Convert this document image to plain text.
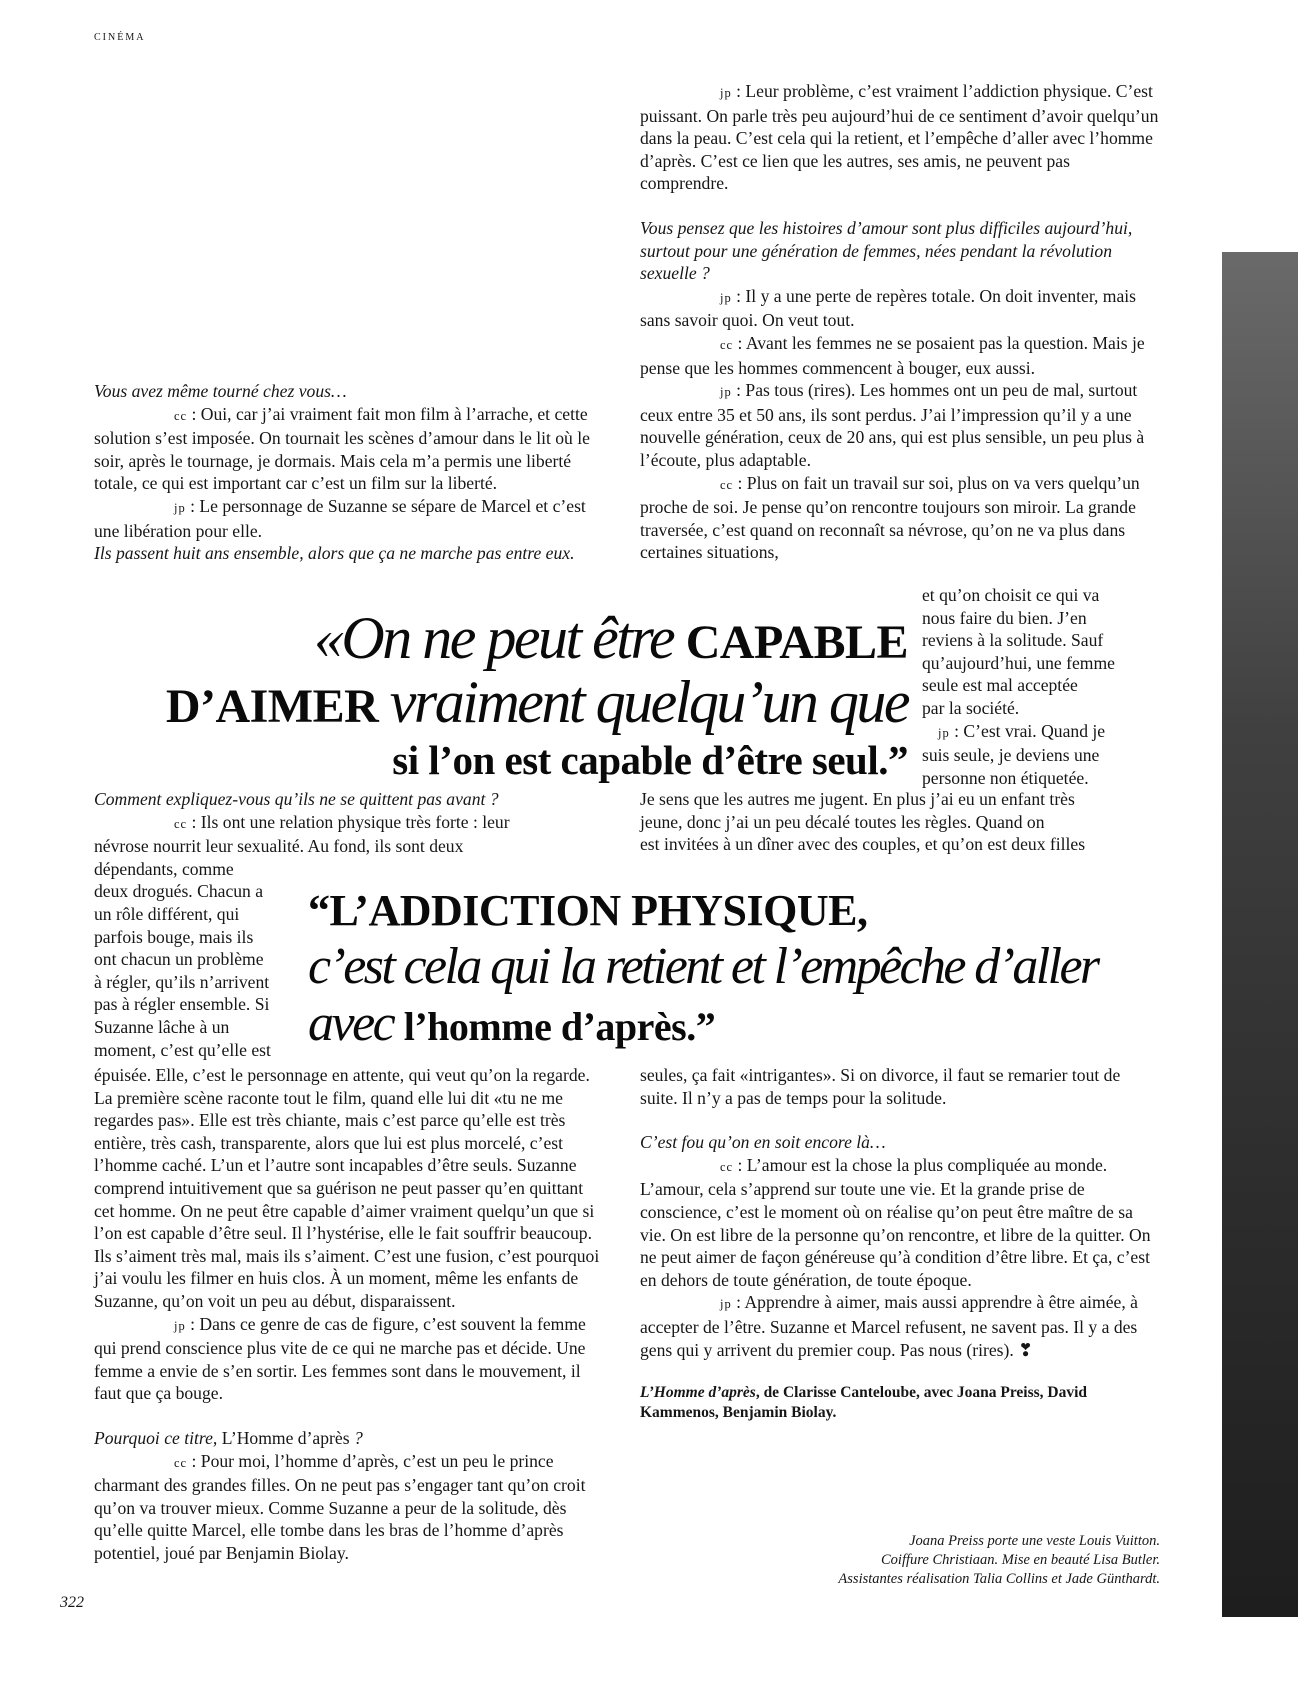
CINÉMA

Vous avez même tourné chez vous…

cc : Oui, car j’ai vraiment fait mon film à l’arrache, et cette solution s’est imposée. On tournait les scènes d’amour dans le lit où le soir, après le tournage, je dormais. Mais cela m’a permis une liberté totale, ce qui est important car c’est un film sur la liberté.

jp : Le personnage de Suzanne se sépare de Marcel et c’est une libération pour elle.

Ils passent huit ans ensemble, alors que ça ne marche pas entre eux.

«On ne peut être CAPABLE
D’AIMER vraiment quelqu’un que
si l’on est capable d’être seul.”

jp : Leur problème, c’est vraiment l’addiction physique. C’est puissant. On parle très peu aujourd’hui de ce sentiment d’avoir quelqu’un dans la peau. C’est cela qui la retient, et l’empêche d’aller avec l’homme d’après. C’est ce lien que les autres, ses amis, ne peuvent pas comprendre.

Vous pensez que les histoires d’amour sont plus difficiles aujourd’hui, surtout pour une génération de femmes, nées pendant la révolution sexuelle ?

jp : Il y a une perte de repères totale. On doit inventer, mais sans savoir quoi. On veut tout.

cc : Avant les femmes ne se posaient pas la question. Mais je pense que les hommes commencent à bouger, eux aussi.

jp : Pas tous (rires). Les hommes ont un peu de mal, surtout ceux entre 35 et 50 ans, ils sont perdus. J’ai l’impression qu’il y a une nouvelle génération, ceux de 20 ans, qui est plus sensible, un peu plus à l’écoute, plus adaptable.

cc : Plus on fait un travail sur soi, plus on va vers quelqu’un proche de soi. Je pense qu’on rencontre toujours son miroir. La grande traversée, c’est quand on reconnaît sa névrose, qu’on ne va plus dans certaines situations,

et qu’on choisit ce qui va
nous faire du bien. J’en
reviens à la solitude. Sauf
qu’aujourd’hui, une femme
seule est mal acceptée
par la société.
jp : C’est vrai. Quand je
suis seule, je deviens une
personne non étiquetée.
Je sens que les autres me jugent. En plus j’ai eu un enfant très
jeune, donc j’ai un peu décalé toutes les règles. Quand on
est invitées à un dîner avec des couples, et qu’on est deux filles

Comment expliquez-vous qu’ils ne se quittent pas avant ?

cc : Ils ont une relation physique très forte : leur
névrose nourrit leur sexualité. Au fond, ils sont deux
dépendants, comme
deux drogués. Chacun a
un rôle différent, qui
parfois bouge, mais ils
ont chacun un problème
à régler, qu’ils n’arrivent
pas à régler ensemble. Si
Suzanne lâche à un
moment, c’est qu’elle est
“L’ADDICTION PHYSIQUE,
c’est cela qui la retient et l’empêche d’aller
avec l’homme d’après.”

épuisée. Elle, c’est le personnage en attente, qui veut qu’on la regarde. La première scène raconte tout le film, quand elle lui dit «tu ne me regardes pas». Elle est très chiante, mais c’est parce qu’elle est très entière, très cash, transparente, alors que lui est plus morcelé, c’est l’homme caché. L’un et l’autre sont incapables d’être seuls. Suzanne comprend intuitivement que sa guérison ne peut passer qu’en quittant cet homme. On ne peut être capable d’aimer vraiment quelqu’un que si l’on est capable d’être seul. Il l’hystérise, elle le fait souffrir beaucoup. Ils s’aiment très mal, mais ils s’aiment. C’est une fusion, c’est pourquoi j’ai voulu les filmer en huis clos. À un moment, même les enfants de Suzanne, qu’on voit un peu au début, disparaissent.

jp : Dans ce genre de cas de figure, c’est souvent la femme qui prend conscience plus vite de ce qui ne marche pas et décide. Une femme a envie de s’en sortir. Les femmes sont dans le mouvement, il faut que ça bouge.

Pourquoi ce titre, L’Homme d’après ?

cc : Pour moi, l’homme d’après, c’est un peu le prince charmant des grandes filles. On ne peut pas s’engager tant qu’on croit qu’on va trouver mieux. Comme Suzanne a peur de la solitude, dès qu’elle quitte Marcel, elle tombe dans les bras de l’homme d’après potentiel, joué par Benjamin Biolay.

seules, ça fait «intrigantes». Si on divorce, il faut se remarier tout de suite. Il n’y a pas de temps pour la solitude.

C’est fou qu’on en soit encore là…

cc : L’amour est la chose la plus compliquée au monde. L’amour, cela s’apprend sur toute une vie. Et la grande prise de conscience, c’est le moment où on réalise qu’on peut être maître de sa vie. On est libre de la personne qu’on rencontre, et libre de la quitter. On ne peut aimer de façon généreuse qu’à condition d’être libre. Et ça, c’est en dehors de toute génération, de toute époque.

jp : Apprendre à aimer, mais aussi apprendre à être aimée, à accepter de l’être. Suzanne et Marcel refusent, ne savent pas. Il y a des gens qui y arrivent du premier coup. Pas nous (rires). ❣

L’Homme d’après, de Clarisse Canteloube, avec Joana Preiss, David Kammenos, Benjamin Biolay.

Joana Preiss porte une veste Louis Vuitton.
Coiffure Christiaan. Mise en beauté Lisa Butler.
Assistantes réalisation Talia Collins et Jade Günthardt.
322
